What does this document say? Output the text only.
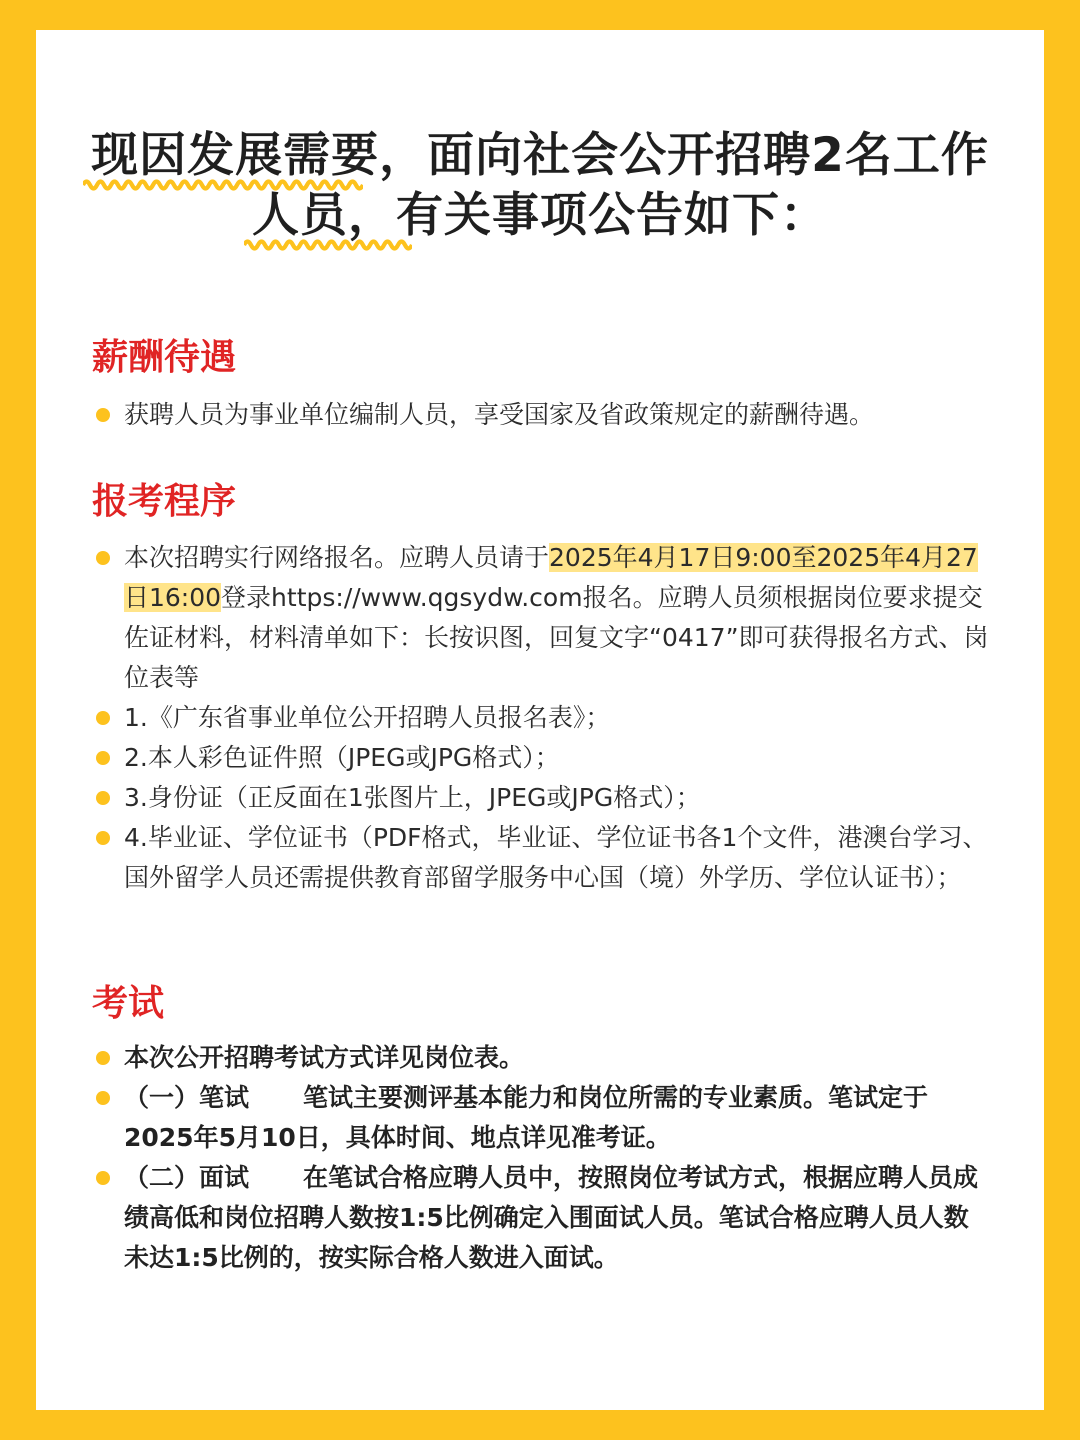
现因发展需要，面向社会公开招聘2名工作
人员，有关事项公告如下：
薪酬待遇
获聘人员为事业单位编制人员，享受国家及省政策规定的薪酬待遇。
报考程序
本次招聘实行网络报名。应聘人员请于2025年4月17日9:00至2025年4月27日16:00登录https://www.qgsydw.com报名。应聘人员须根据岗位要求提交佐证材料，材料清单如下：长按识图，回复文字“0417”即可获得报名方式、岗位表等
1.《广东省事业单位公开招聘人员报名表》；
2.本人彩色证件照（JPEG或JPG格式）；
3.身份证（正反面在1张图片上，JPEG或JPG格式）；
4.毕业证、学位证书（PDF格式，毕业证、学位证书各1个文件，港澳台学习、国外留学人员还需提供教育部留学服务中心国（境）外学历、学位认证书）；
考试
本次公开招聘考试方式详见岗位表。
（一）笔试 笔试主要测评基本能力和岗位所需的专业素质。笔试定于2025年5月10日，具体时间、地点详见准考证。
（二）面试 在笔试合格应聘人员中，按照岗位考试方式，根据应聘人员成绩高低和岗位招聘人数按1:5比例确定入围面试人员。笔试合格应聘人员人数未达1:5比例的，按实际合格人数进入面试。
